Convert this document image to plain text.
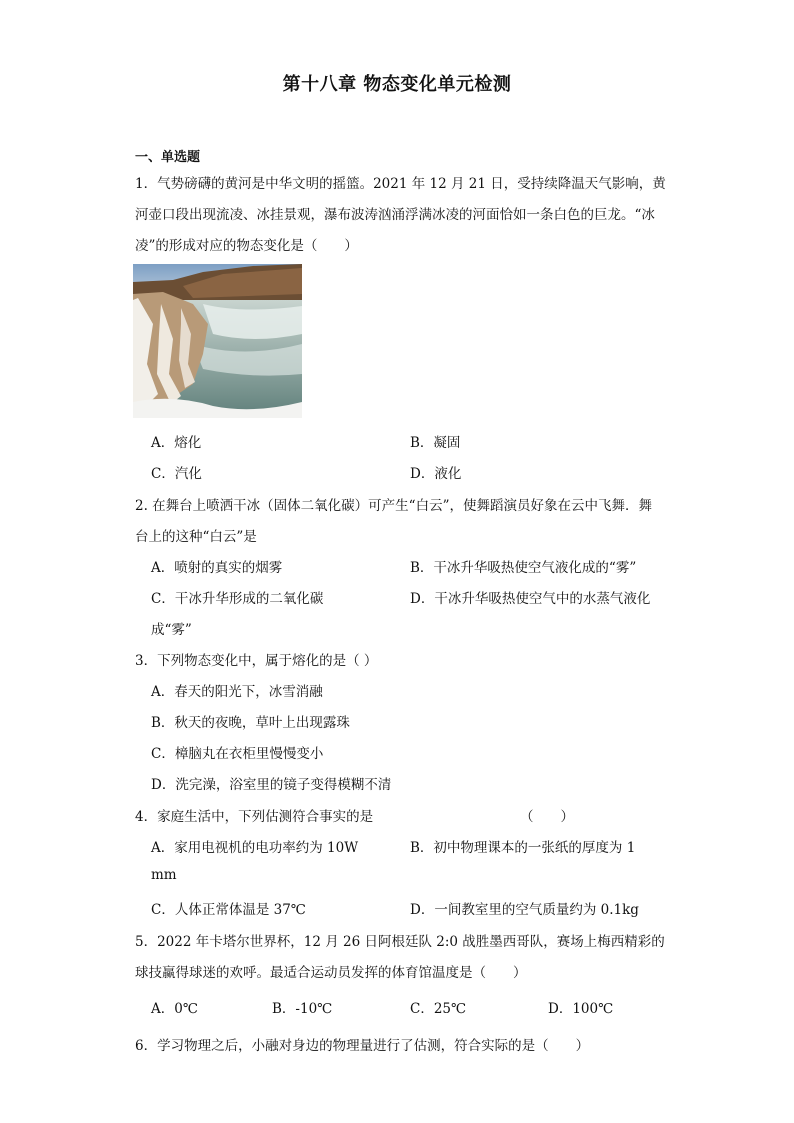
第十八章 物态变化单元检测
一、单选题
1．气势磅礴的黄河是中华文明的摇篮。2021 年 12 月 21 日，受持续降温天气影响，黄
河壶口段出现流凌、冰挂景观，瀑布波涛汹涌浮满冰凌的河面恰如一条白色的巨龙。“冰
凌”的形成对应的物态变化是（　　）
A．熔化	B．凝固
C．汽化	D．液化
2. 在舞台上喷洒干冰（固体二氧化碳）可产生“白云”，使舞蹈演员好象在云中飞舞．舞
台上的这种“白云”是
A．喷射的真实的烟雾	B．干冰升华吸热使空气液化成的“雾”
C．干冰升华形成的二氧化碳	D．干冰升华吸热使空气中的水蒸气液化
成“雾”
3．下列物态变化中，属于熔化的是（ ）
A．春天的阳光下，冰雪消融
B．秋天的夜晚，草叶上出现露珠
C．樟脑丸在衣柜里慢慢变小
D．洗完澡，浴室里的镜子变得模糊不清
4．家庭生活中，下列估测符合事实的是	（　　）
A．家用电视机的电功率约为 10W	B．初中物理课本的一张纸的厚度为 1
mm
C．人体正常体温是 37℃	D．一间教室里的空气质量约为 0.1kg
5．2022 年卡塔尔世界杯，12 月 26 日阿根廷队 2:0 战胜墨西哥队，赛场上梅西精彩的
球技赢得球迷的欢呼。最适合运动员发挥的体育馆温度是（　　）
A．0℃	B．-10℃	C．25℃	D．100℃
6．学习物理之后，小融对身边的物理量进行了估测，符合实际的是（　　）
